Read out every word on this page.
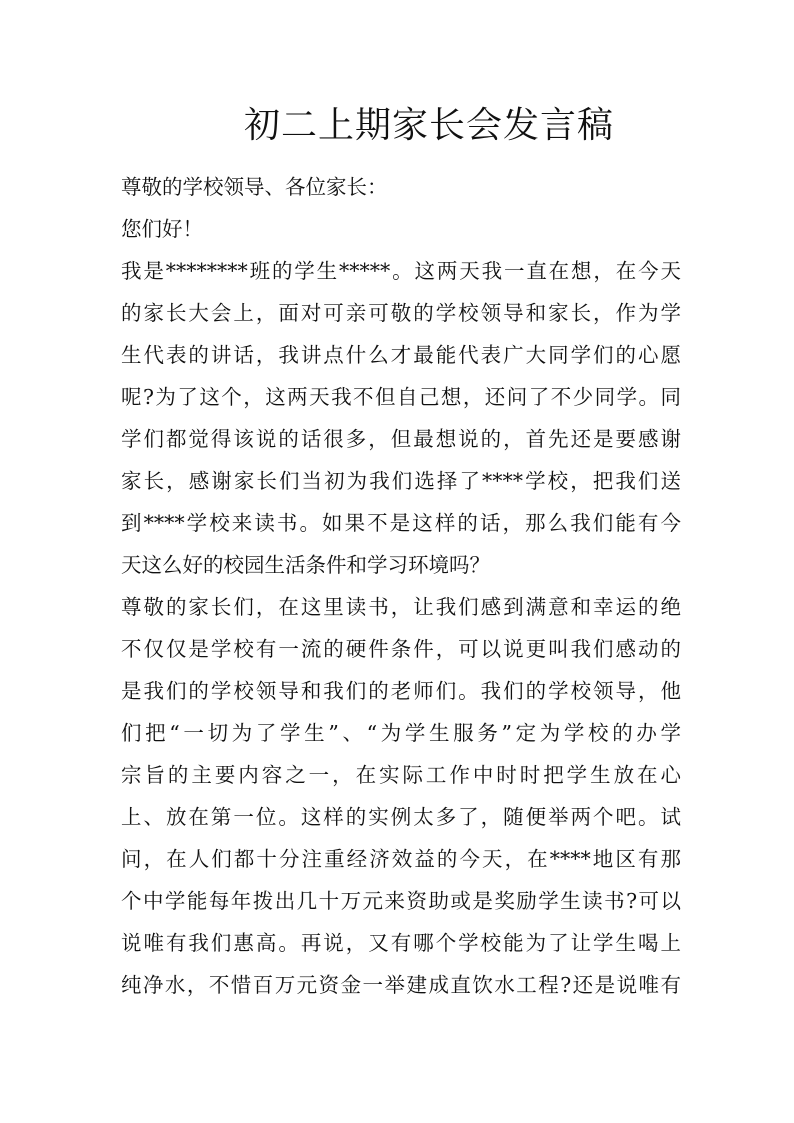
初二上期家长会发言稿
尊敬的学校领导、各位家长：
您们好！
我是********班的学生*****。这两天我一直在想，在今天
的家长大会上，面对可亲可敬的学校领导和家长，作为学
生代表的讲话，我讲点什么才最能代表广大同学们的心愿
呢?为了这个，这两天我不但自己想，还问了不少同学。同
学们都觉得该说的话很多，但最想说的，首先还是要感谢
家长，感谢家长们当初为我们选择了****学校，把我们送
到****学校来读书。如果不是这样的话，那么我们能有今
天这么好的校园生活条件和学习环境吗？
尊敬的家长们，在这里读书，让我们感到满意和幸运的绝
不仅仅是学校有一流的硬件条件，可以说更叫我们感动的
是我们的学校领导和我们的老师们。我们的学校领导，他
们把“一切为了学生”、“为学生服务”定为学校的办学
宗旨的主要内容之一，在实际工作中时时把学生放在心
上、放在第一位。这样的实例太多了，随便举两个吧。试
问，在人们都十分注重经济效益的今天，在****地区有那
个中学能每年拨出几十万元来资助或是奖励学生读书?可以
说唯有我们惠高。再说，又有哪个学校能为了让学生喝上
纯净水，不惜百万元资金一举建成直饮水工程?还是说唯有
